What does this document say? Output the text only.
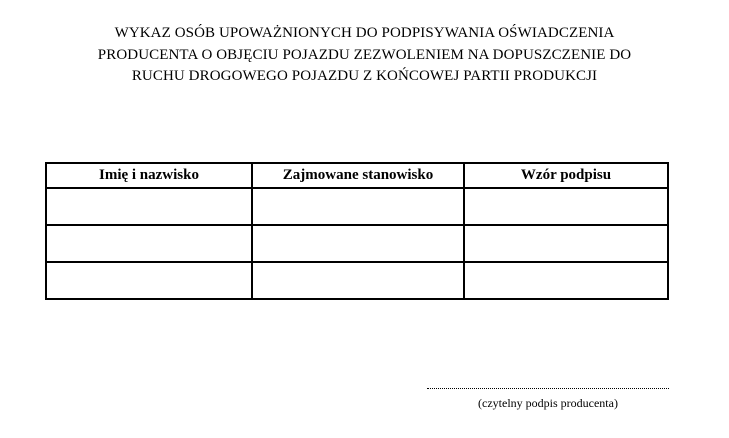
WYKAZ OSÓB UPOWAŻNIONYCH DO PODPISYWANIA OŚWIADCZENIA
PRODUCENTA O OBJĘCIU POJAZDU ZEZWOLENIEM NA DOPUSZCZENIE DO
RUCHU DROGOWEGO POJAZDU Z KOŃCOWEJ PARTII PRODUKCJI
Imię i nazwisko	Zajmowane stanowisko	Wzór podpisu

(czytelny podpis producenta)
